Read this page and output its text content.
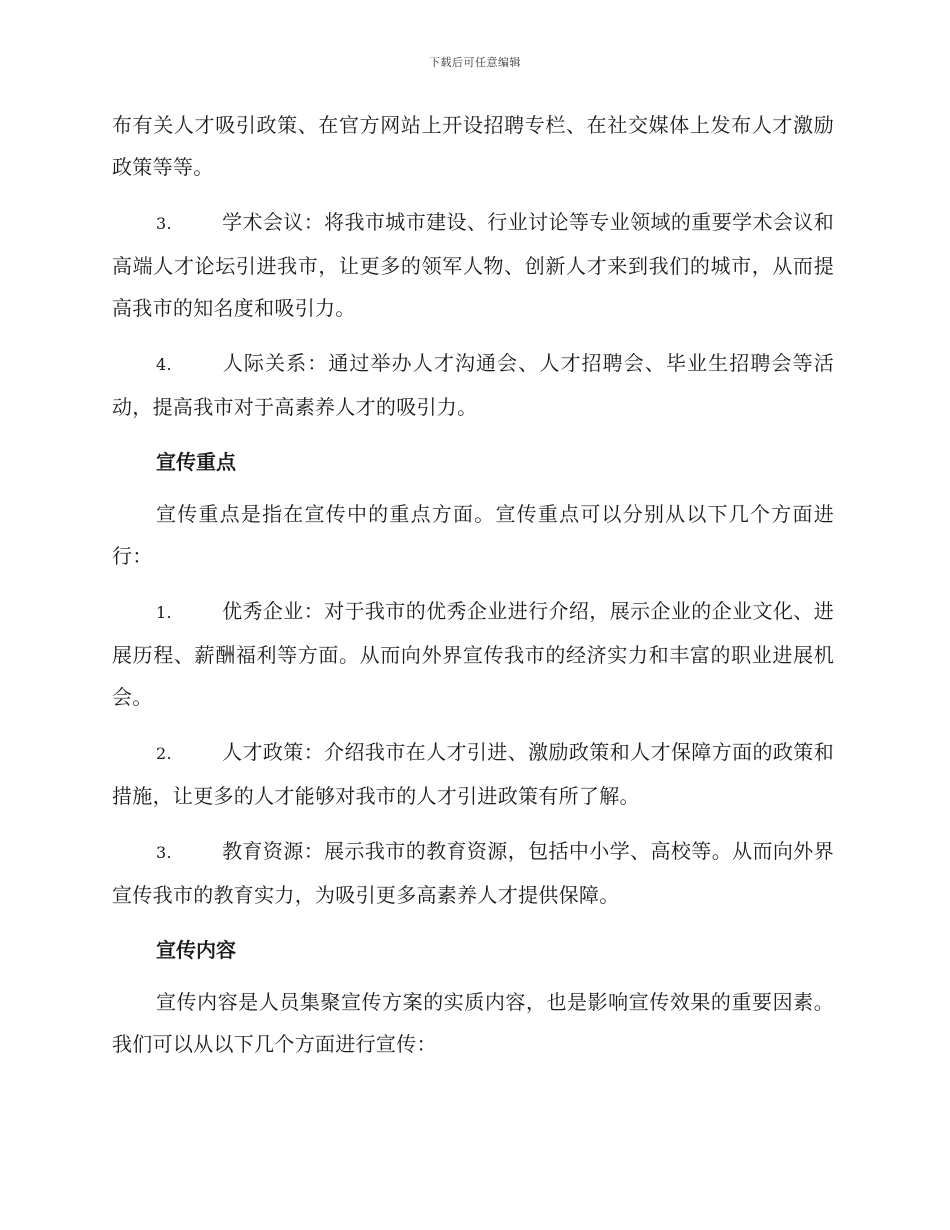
下载后可任意编辑

布有关人才吸引政策、在官方网站上开设招聘专栏、在社交媒体上发布人才激励政策等等。

3.	学术会议：将我市城市建设、行业讨论等专业领域的重要学术会议和高端人才论坛引进我市，让更多的领军人物、创新人才来到我们的城市，从而提高我市的知名度和吸引力。

4.	人际关系：通过举办人才沟通会、人才招聘会、毕业生招聘会等活动，提高我市对于高素养人才的吸引力。

宣传重点

宣传重点是指在宣传中的重点方面。宣传重点可以分别从以下几个方面进行：

1.	优秀企业：对于我市的优秀企业进行介绍，展示企业的企业文化、进展历程、薪酬福利等方面。从而向外界宣传我市的经济实力和丰富的职业进展机会。

2.	人才政策：介绍我市在人才引进、激励政策和人才保障方面的政策和措施，让更多的人才能够对我市的人才引进政策有所了解。

3.	教育资源：展示我市的教育资源，包括中小学、高校等。从而向外界宣传我市的教育实力，为吸引更多高素养人才提供保障。

宣传内容

宣传内容是人员集聚宣传方案的实质内容，也是影响宣传效果的重要因素。我们可以从以下几个方面进行宣传：
